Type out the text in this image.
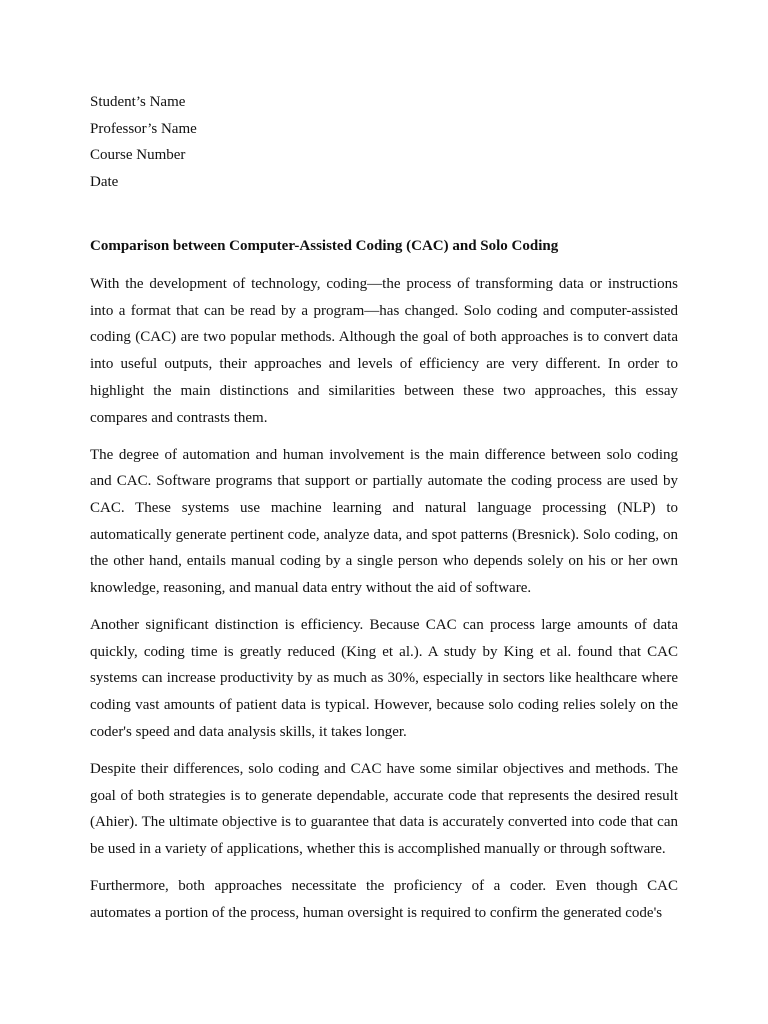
Student’s Name

Professor’s Name

Course Number

Date

Comparison between Computer-Assisted Coding (CAC) and Solo Coding

With the development of technology, coding—the process of transforming data or instructions into a format that can be read by a program—has changed. Solo coding and computer-assisted coding (CAC) are two popular methods. Although the goal of both approaches is to convert data into useful outputs, their approaches and levels of efficiency are very different. In order to highlight the main distinctions and similarities between these two approaches, this essay compares and contrasts them.

The degree of automation and human involvement is the main difference between solo coding and CAC. Software programs that support or partially automate the coding process are used by CAC. These systems use machine learning and natural language processing (NLP) to automatically generate pertinent code, analyze data, and spot patterns (Bresnick). Solo coding, on the other hand, entails manual coding by a single person who depends solely on his or her own knowledge, reasoning, and manual data entry without the aid of software.

Another significant distinction is efficiency. Because CAC can process large amounts of data quickly, coding time is greatly reduced (King et al.). A study by King et al. found that CAC systems can increase productivity by as much as 30%, especially in sectors like healthcare where coding vast amounts of patient data is typical. However, because solo coding relies solely on the coder's speed and data analysis skills, it takes longer.

Despite their differences, solo coding and CAC have some similar objectives and methods. The goal of both strategies is to generate dependable, accurate code that represents the desired result (Ahier). The ultimate objective is to guarantee that data is accurately converted into code that can be used in a variety of applications, whether this is accomplished manually or through software.

Furthermore, both approaches necessitate the proficiency of a coder. Even though CAC automates a portion of the process, human oversight is required to confirm the generated code's
